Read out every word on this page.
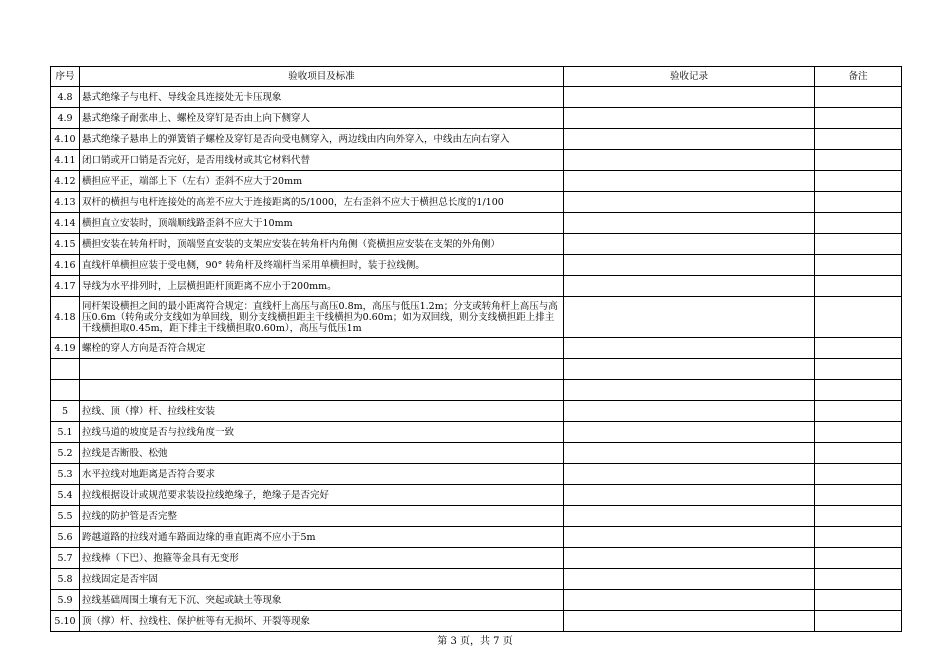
序号	验收项目及标准	验收记录	备注
4.8	悬式绝缘子与电杆、导线金具连接处无卡压现象		
4.9	悬式绝缘子耐张串上、螺栓及穿钉是否由上向下侧穿人		
4.10	悬式绝缘子悬串上的弹簧销子螺栓及穿钉是否向受电侧穿入，两边线由内向外穿入，中线由左向右穿入		
4.11	闭口销或开口销是否完好，是否用线材或其它材料代替		
4.12	横担应平正，端部上下（左右）歪斜不应大于20mm		
4.13	双杆的横担与电杆连接处的高差不应大于连接距离的5/1000，左右歪斜不应大于横担总长度的1/100		
4.14	横担直立安装时，顶端顺线路歪斜不应大于10mm		
4.15	横担安装在转角杆时，顶端竖直安装的支架应安装在转角杆内角侧（瓷横担应安装在支架的外角侧）		
4.16	直线杆单横担应装于受电侧，90° 转角杆及终端杆当采用单横担时，装于拉线侧。		
4.17	导线为水平排列时，上层横担距杆顶距离不应小于200mm。		
4.18	同杆架设横担之间的最小距离符合规定：直线杆上高压与高压0.8m，高压与低压1.2m；分支或转角杆上高压与高压0.6m（转角或分支线如为单回线，则分支线横担距主干线横担为0.60m；如为双回线，则分支线横担距上排主干线横担取0.45m，距下排主干线横担取0.60m），高压与低压1m		
4.19	螺栓的穿人方向是否符合规定		

5	拉线、顶（撑）杆、拉线柱安装		
5.1	拉线马道的坡度是否与拉线角度一致		
5.2	拉线是否断股、松弛		
5.3	水平拉线对地距离是否符合要求		
5.4	拉线根据设计或规范要求装设拉线绝缘子，绝缘子是否完好		
5.5	拉线的防护管是否完整		
5.6	跨越道路的拉线对通车路面边缘的垂直距离不应小于5m		
5.7	拉线棒（下巴）、抱箍等金具有无变形		
5.8	拉线固定是否牢固		
5.9	拉线基础周围土壤有无下沉、突起或缺土等现象		
5.10	顶（撑）杆、拉线柱、保护桩等有无损坏、开裂等现象		
第 3 页，共 7 页
